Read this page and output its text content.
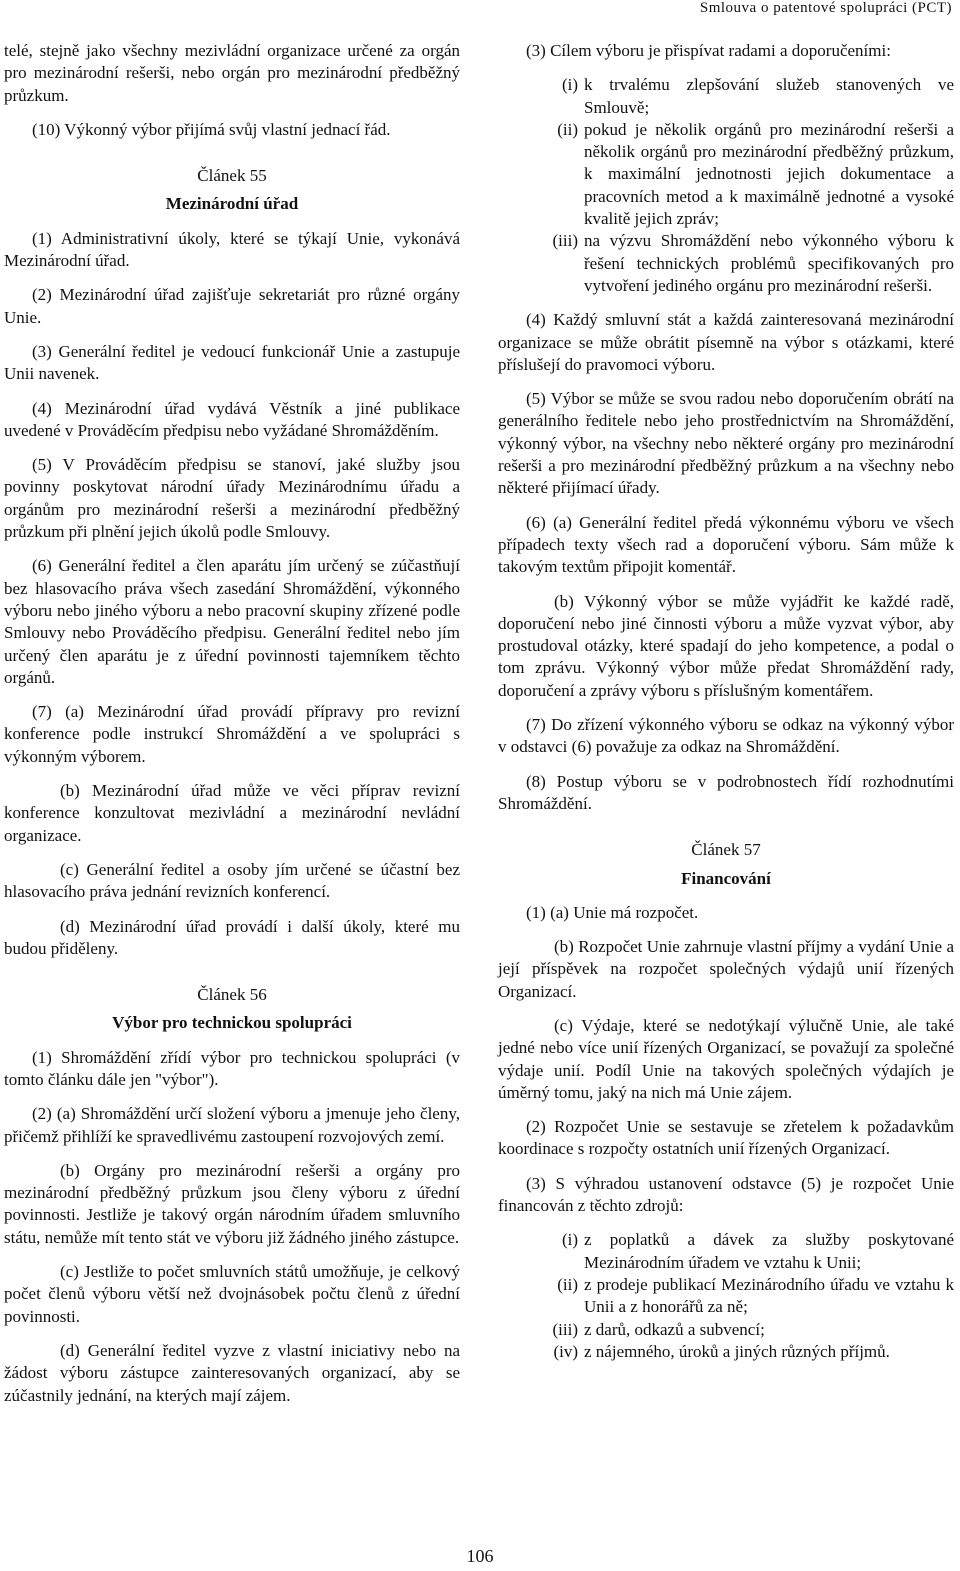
Smlouva o patentové spolupráci (PCT)

telé, stejně jako všechny mezivládní organizace určené za orgán pro mezinárodní rešerši, nebo orgán pro mezinárodní předběžný průzkum.

(10) Výkonný výbor přijímá svůj vlastní jednací řád.

Článek 55

Mezinárodní úřad

(1) Administrativní úkoly, které se týkají Unie, vykonává Mezinárodní úřad.

(2) Mezinárodní úřad zajišťuje sekretariát pro různé orgány Unie.

(3) Generální ředitel je vedoucí funkcionář Unie a zastupuje Unii navenek.

(4) Mezinárodní úřad vydává Věstník a jiné publikace uvedené v Prováděcím předpisu nebo vyžádané Shromážděním.

(5) V Prováděcím předpisu se stanoví, jaké služby jsou povinny poskytovat národní úřady Mezinárodnímu úřadu a orgánům pro mezinárodní rešerši a mezinárodní předběžný průzkum při plnění jejich úkolů podle Smlouvy.

(6) Generální ředitel a člen aparátu jím určený se zúčastňují bez hlasovacího práva všech zasedání Shromáždění, výkonného výboru nebo jiného výboru a nebo pracovní skupiny zřízené podle Smlouvy nebo Prováděcího předpisu. Generální ředitel nebo jím určený člen aparátu je z úřední povinnosti tajemníkem těchto orgánů.

(7) (a) Mezinárodní úřad provádí přípravy pro revizní konference podle instrukcí Shromáždění a ve spolupráci s výkonným výborem.

(b) Mezinárodní úřad může ve věci příprav revizní konference konzultovat mezivládní a mezinárodní nevládní organizace.

(c) Generální ředitel a osoby jím určené se účastní bez hlasovacího práva jednání revizních konferencí.

(d) Mezinárodní úřad provádí i další úkoly, které mu budou přiděleny.

Článek 56

Výbor pro technickou spolupráci

(1) Shromáždění zřídí výbor pro technickou spolupráci (v tomto článku dále jen "výbor").

(2) (a) Shromáždění určí složení výboru a jmenuje jeho členy, přičemž přihlíží ke spravedlivému zastoupení rozvojových zemí.

(b) Orgány pro mezinárodní rešerši a orgány pro mezinárodní předběžný průzkum jsou členy výboru z úřední povinnosti. Jestliže je takový orgán národním úřadem smluvního státu, nemůže mít tento stát ve výboru již žádného jiného zástupce.

(c) Jestliže to počet smluvních států umožňuje, je celkový počet členů výboru větší než dvojnásobek počtu členů z úřední povinnosti.

(d) Generální ředitel vyzve z vlastní iniciativy nebo na žádost výboru zástupce zainteresovaných organizací, aby se zúčastnily jednání, na kterých mají zájem.

(3) Cílem výboru je přispívat radami a doporučeními:

(i) k trvalému zlepšování služeb stanovených ve Smlouvě;
(ii) pokud je několik orgánů pro mezinárodní rešerši a několik orgánů pro mezinárodní předběžný průzkum, k maximální jednotnosti jejich dokumentace a pracovních metod a k maximálně jednotné a vysoké kvalitě jejich zpráv;
(iii) na výzvu Shromáždění nebo výkonného výboru k řešení technických problémů specifikovaných pro vytvoření jediného orgánu pro mezinárodní rešerši.

(4) Každý smluvní stát a každá zainteresovaná mezinárodní organizace se může obrátit písemně na výbor s otázkami, které příslušejí do pravomoci výboru.

(5) Výbor se může se svou radou nebo doporučením obrátí na generálního ředitele nebo jeho prostřednictvím na Shromáždění, výkonný výbor, na všechny nebo některé orgány pro mezinárodní rešerši a pro mezinárodní předběžný průzkum a na všechny nebo některé přijímací úřady.

(6) (a) Generální ředitel předá výkonnému výboru ve všech případech texty všech rad a doporučení výboru. Sám může k takovým textům připojit komentář.

(b) Výkonný výbor se může vyjádřit ke každé radě, doporučení nebo jiné činnosti výboru a může vyzvat výbor, aby prostudoval otázky, které spadají do jeho kompetence, a podal o tom zprávu. Výkonný výbor může předat Shromáždění rady, doporučení a zprávy výboru s příslušným komentářem.

(7) Do zřízení výkonného výboru se odkaz na výkonný výbor v odstavci (6) považuje za odkaz na Shromáždění.

(8) Postup výboru se v podrobnostech řídí rozhodnutími Shromáždění.

Článek 57

Financování

(1) (a) Unie má rozpočet.

(b) Rozpočet Unie zahrnuje vlastní příjmy a vydání Unie a její příspěvek na rozpočet společných výdajů unií řízených Organizací.

(c) Výdaje, které se nedotýkají výlučně Unie, ale také jedné nebo více unií řízených Organizací, se považují za společné výdaje unií. Podíl Unie na takových společných výdajích je úměrný tomu, jaký na nich má Unie zájem.

(2) Rozpočet Unie se sestavuje se zřetelem k požadavkům koordinace s rozpočty ostatních unií řízených Organizací.

(3) S výhradou ustanovení odstavce (5) je rozpočet Unie financován z těchto zdrojů:

(i) z poplatků a dávek za služby poskytované Mezinárodním úřadem ve vztahu k Unii;
(ii) z prodeje publikací Mezinárodního úřadu ve vztahu k Unii a z honorářů za ně;
(iii) z darů, odkazů a subvencí;
(iv) z nájemného, úroků a jiných různých příjmů.
106
